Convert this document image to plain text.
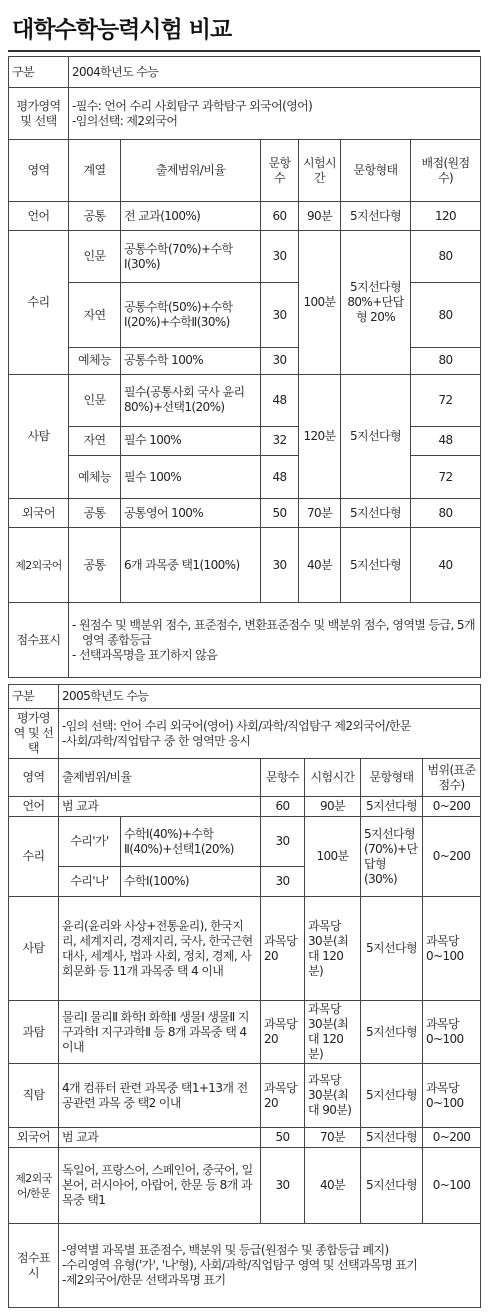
대학수학능력시험 비교
구분	2004학년도 수능					
평가영역 및 선택	-필수: 언어 수리 사회탐구 과학탐구 외국어(영어)
-임의선택: 제2외국어					

영역	계열	출제범위/비율	문항수	시험시간	문항형태	배점(원점수)
언어	공통	전 교과(100%)	60	90분	5지선다형	120
수리	인문	공통수학(70%)+수학Ⅰ(30%)	30	100분	5지선다형 80%+단답형 20%	80
	자연	공통수학(50%)+수학Ⅰ(20%)+수학Ⅱ(30%)	30			80
	예체능	공통수학 100%	30			80
사탐	인문	필수(공통사회 국사 윤리 80%)+선택1(20%)	48	120분	5지선다형	72
	자연	필수 100%	32			48
	예체능	필수 100%	48			72
외국어	공통	공통영어 100%	50	70분	5지선다형	80
제2외국어	공통	6개 과목중 택1(100%)	30	40분	5지선다형	40
점수표시	- 원점수 및 백분위 점수, 표준점수, 변환표준점수 및 백분위 점수, 영역별 등급, 5개 영역 종합등급
- 선택과목명을 표기하지 않음					
구분	2005학년도 수능					
평가영역 및 선택	-임의 선택: 언어 수리 외국어(영어) 사회/과학/직업탐구 제2외국어/한문
-사회/과학/직업탐구 중 한 영역만 응시					

영역	출제범위/비율		문항수	시험시간	문항형태	범위(표준점수)
언어	범 교과		60	90분	5지선다형	0~200
수리	수리'가'	수학Ⅰ(40%)+수학Ⅱ(40%)+선택1(20%)	30	100분	5지선다형(70%)+단답형(30%)	0~200
	수리'나'	수학Ⅰ(100%)	30			
사탐	윤리(윤리와 사상+전통윤리), 한국지리, 세계지리, 경제지리, 국사, 한국근현대사, 세계사, 법과 사회, 정치, 경제, 사회문화 등 11개 과목중 택 4 이내		과목당 20	과목당 30분(최대 120분)	5지선다형	과목당 0~100
과탐	물리Ⅰ 물리Ⅱ 화학Ⅰ 화학Ⅱ 생물Ⅰ 생물Ⅱ 지구과학Ⅰ 지구과학Ⅱ 등 8개 과목중 택 4 이내		과목당 20	과목당 30분(최대 120분)	5지선다형	과목당 0~100
직탐	4개 컴퓨터 관련 과목중 택1+13개 전공관련 과목 중 택2 이내		과목당 20	과목당 30분(최대 90분)	5지선다형	과목당 0~100
외국어	범 교과		50	70분	5지선다형	0~200
제2외국어/한문	독일어, 프랑스어, 스페인어, 중국어, 일본어, 러시아어, 아랍어, 한문 등 8개 과목중 택1		30	40분	5지선다형	0~100
점수표시	-영역별 과목별 표준점수, 백분위 및 등급(원점수 및 종합등급 폐지)
-수리영역 유형('가', '나'형), 사회/과학/직업탐구 영역 및 선택과목명 표기
-제2외국어/한문 선택과목명 표기					
